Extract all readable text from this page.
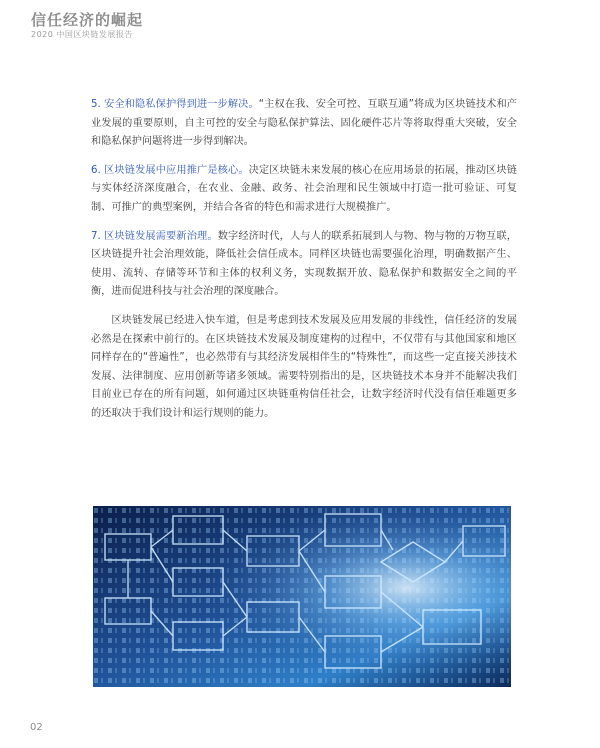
信任经济的崛起
2020 中国区块链发展报告

5. 安全和隐私保护得到进一步解决。“主权在我、安全可控、互联互通”将成为区块链技术和产业发展的重要原则，自主可控的安全与隐私保护算法、固化硬件芯片等将取得重大突破，安全和隐私保护问题将进一步得到解决。

6. 区块链发展中应用推广是核心。决定区块链未来发展的核心在应用场景的拓展，推动区块链与实体经济深度融合，在农业、金融、政务、社会治理和民生领域中打造一批可验证、可复制、可推广的典型案例，并结合各省的特色和需求进行大规模推广。

7. 区块链发展需要新治理。数字经济时代，人与人的联系拓展到人与物、物与物的万物互联，区块链提升社会治理效能，降低社会信任成本。同样区块链也需要强化治理，明确数据产生、使用、流转、存储等环节和主体的权利义务，实现数据开放、隐私保护和数据安全之间的平衡，进而促进科技与社会治理的深度融合。

区块链发展已经进入快车道，但是考虑到技术发展及应用发展的非线性，信任经济的发展必然是在探索中前行的。在区块链技术发展及制度建构的过程中，不仅带有与其他国家和地区同样存在的“普遍性”，也必然带有与其经济发展相伴生的“特殊性”，而这些一定直接关涉技术发展、法律制度、应用创新等诸多领域。需要特别指出的是，区块链技术本身并不能解决我们目前业已存在的所有问题，如何通过区块链重构信任社会，让数字经济时代没有信任难题更多的还取决于我们设计和运行规则的能力。

02
